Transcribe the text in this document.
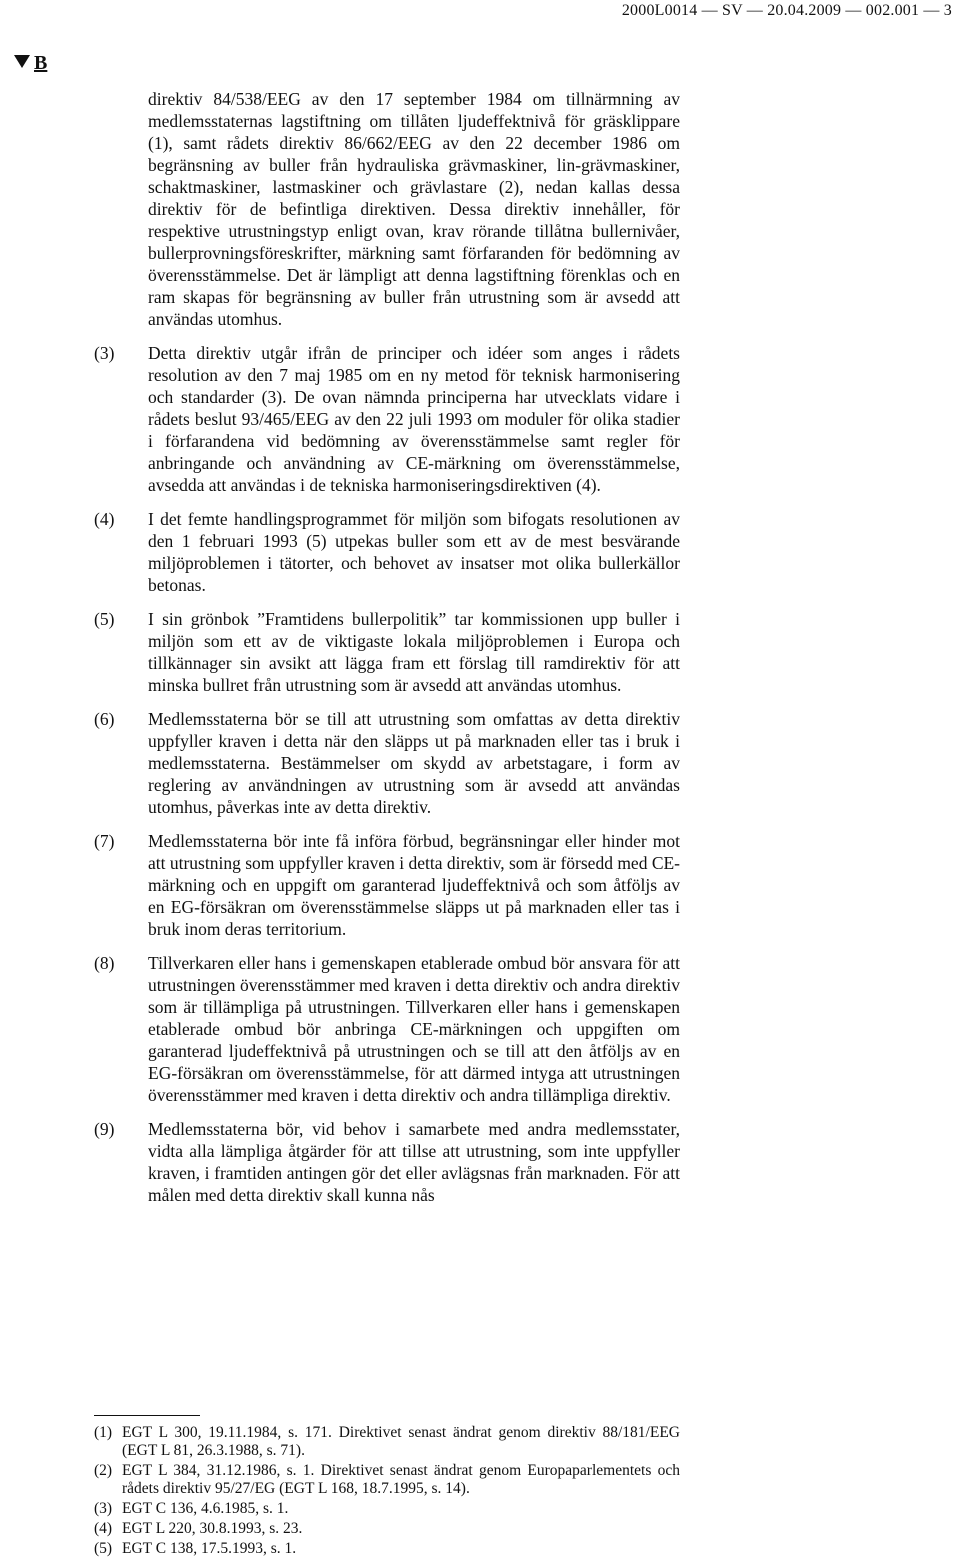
2000L0014 — SV — 20.04.2009 — 002.001 — 3
B
direktiv 84/538/EEG av den 17 september 1984 om tillnärmning av medlemsstaternas lagstiftning om tillåten ljudeffektnivå för gräsklippare (1), samt rådets direktiv 86/662/EEG av den 22 december 1986 om begränsning av buller från hydrauliska grävmaskiner, lin-grävmaskiner, schaktmaskiner, lastmaskiner och grävlastare (2), nedan kallas dessa direktiv för de befintliga direktiven. Dessa direktiv innehåller, för respektive utrustningstyp enligt ovan, krav rörande tillåtna bullernivåer, bullerprovningsföreskrifter, märkning samt förfaranden för bedömning av överensstämmelse. Det är lämpligt att denna lagstiftning förenklas och en ram skapas för begränsning av buller från utrustning som är avsedd att användas utomhus.
(3)	Detta direktiv utgår ifrån de principer och idéer som anges i rådets resolution av den 7 maj 1985 om en ny metod för teknisk harmonisering och standarder (3). De ovan nämnda principerna har utvecklats vidare i rådets beslut 93/465/EEG av den 22 juli 1993 om moduler för olika stadier i förfarandena vid bedömning av överensstämmelse samt regler för anbringande och användning av CE-märkning om överensstämmelse, avsedda att användas i de tekniska harmoniseringsdirektiven (4).
(4)	I det femte handlingsprogrammet för miljön som bifogats resolutionen av den 1 februari 1993 (5) utpekas buller som ett av de mest besvärande miljöproblemen i tätorter, och behovet av insatser mot olika bullerkällor betonas.
(5)	I sin grönbok ”Framtidens bullerpolitik” tar kommissionen upp buller i miljön som ett av de viktigaste lokala miljöproblemen i Europa och tillkännager sin avsikt att lägga fram ett förslag till ramdirektiv för att minska bullret från utrustning som är avsedd att användas utomhus.
(6)	Medlemsstaterna bör se till att utrustning som omfattas av detta direktiv uppfyller kraven i detta när den släpps ut på marknaden eller tas i bruk i medlemsstaterna. Bestämmelser om skydd av arbetstagare, i form av reglering av användningen av utrustning som är avsedd att användas utomhus, påverkas inte av detta direktiv.
(7)	Medlemsstaterna bör inte få införa förbud, begränsningar eller hinder mot att utrustning som uppfyller kraven i detta direktiv, som är försedd med CE-märkning och en uppgift om garanterad ljudeffektnivå och som åtföljs av en EG-försäkran om överensstämmelse släpps ut på marknaden eller tas i bruk inom deras territorium.
(8)	Tillverkaren eller hans i gemenskapen etablerade ombud bör ansvara för att utrustningen överensstämmer med kraven i detta direktiv och andra direktiv som är tillämpliga på utrustningen. Tillverkaren eller hans i gemenskapen etablerade ombud bör anbringa CE-märkningen och uppgiften om garanterad ljudeffektnivå på utrustningen och se till att den åtföljs av en EG-försäkran om överensstämmelse, för att därmed intyga att utrustningen överensstämmer med kraven i detta direktiv och andra tillämpliga direktiv.
(9)	Medlemsstaterna bör, vid behov i samarbete med andra medlemsstater, vidta alla lämpliga åtgärder för att tillse att utrustning, som inte uppfyller kraven, i framtiden antingen gör det eller avlägsnas från marknaden. För att målen med detta direktiv skall kunna nås
(1) EGT L 300, 19.11.1984, s. 171. Direktivet senast ändrat genom direktiv 88/181/EEG (EGT L 81, 26.3.1988, s. 71).
(2) EGT L 384, 31.12.1986, s. 1. Direktivet senast ändrat genom Europaparlementets och rådets direktiv 95/27/EG (EGT L 168, 18.7.1995, s. 14).
(3) EGT C 136, 4.6.1985, s. 1.
(4) EGT L 220, 30.8.1993, s. 23.
(5) EGT C 138, 17.5.1993, s. 1.
